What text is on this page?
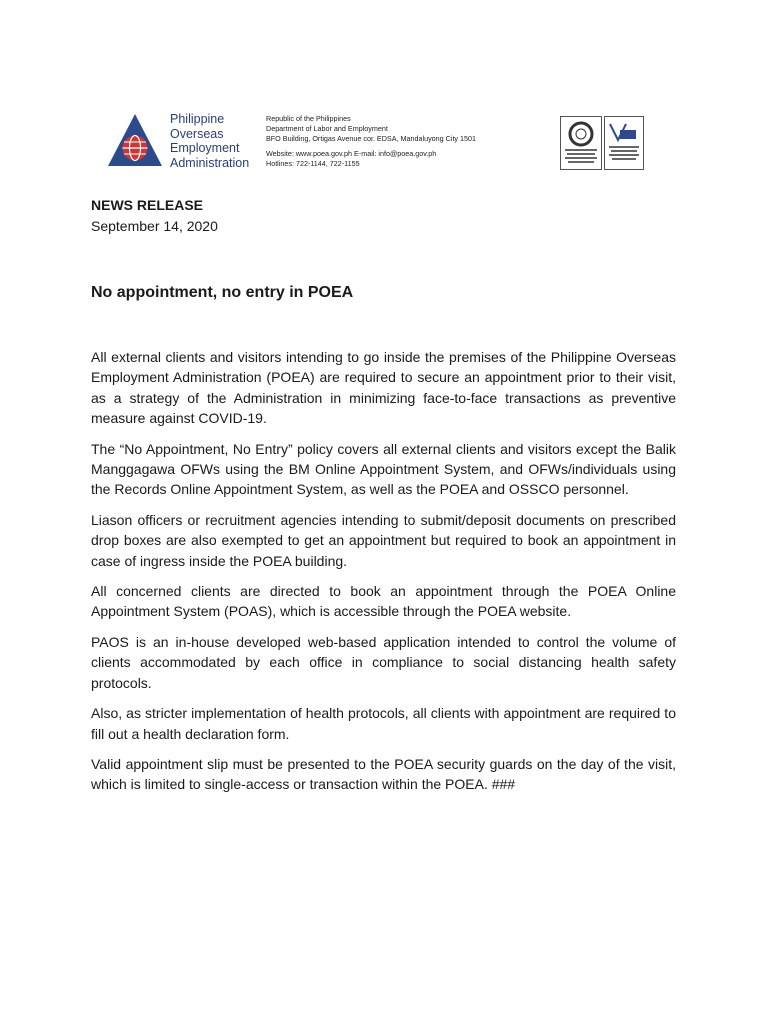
Philippine
Overseas
Employment
Administration
Republic of the Philippines
Department of Labor and Employment
BFO Building, Ortigas Avenue cor. EDSA, Mandaluyong City 1501
Website: www.poea.gov.ph E-mail: info@poea.gov.ph
Hotlines: 722-1144, 722-1155
NEWS RELEASE
September 14, 2020
No appointment, no entry in POEA

All external clients and visitors intending to go inside the premises of the Philippine Overseas Employment Administration (POEA) are required to secure an appointment prior to their visit, as a strategy of the Administration in minimizing face-to-face transactions as preventive measure against COVID-19.

The “No Appointment, No Entry” policy covers all external clients and visitors except the Balik Manggagawa OFWs using the BM Online Appointment System, and OFWs/individuals using the Records Online Appointment System, as well as the POEA and OSSCO personnel.

Liason officers or recruitment agencies intending to submit/deposit documents on prescribed drop boxes are also exempted to get an appointment but required to book an appointment in case of ingress inside the POEA building.

All concerned clients are directed to book an appointment through the POEA Online Appointment System (POAS), which is accessible through the POEA website.

PAOS is an in-house developed web-based application intended to control the volume of clients accommodated by each office in compliance to social distancing health safety protocols.

Also, as stricter implementation of health protocols, all clients with appointment are required to fill out a health declaration form.

Valid appointment slip must be presented to the POEA security guards on the day of the visit, which is limited to single-access or transaction within the POEA. ###
